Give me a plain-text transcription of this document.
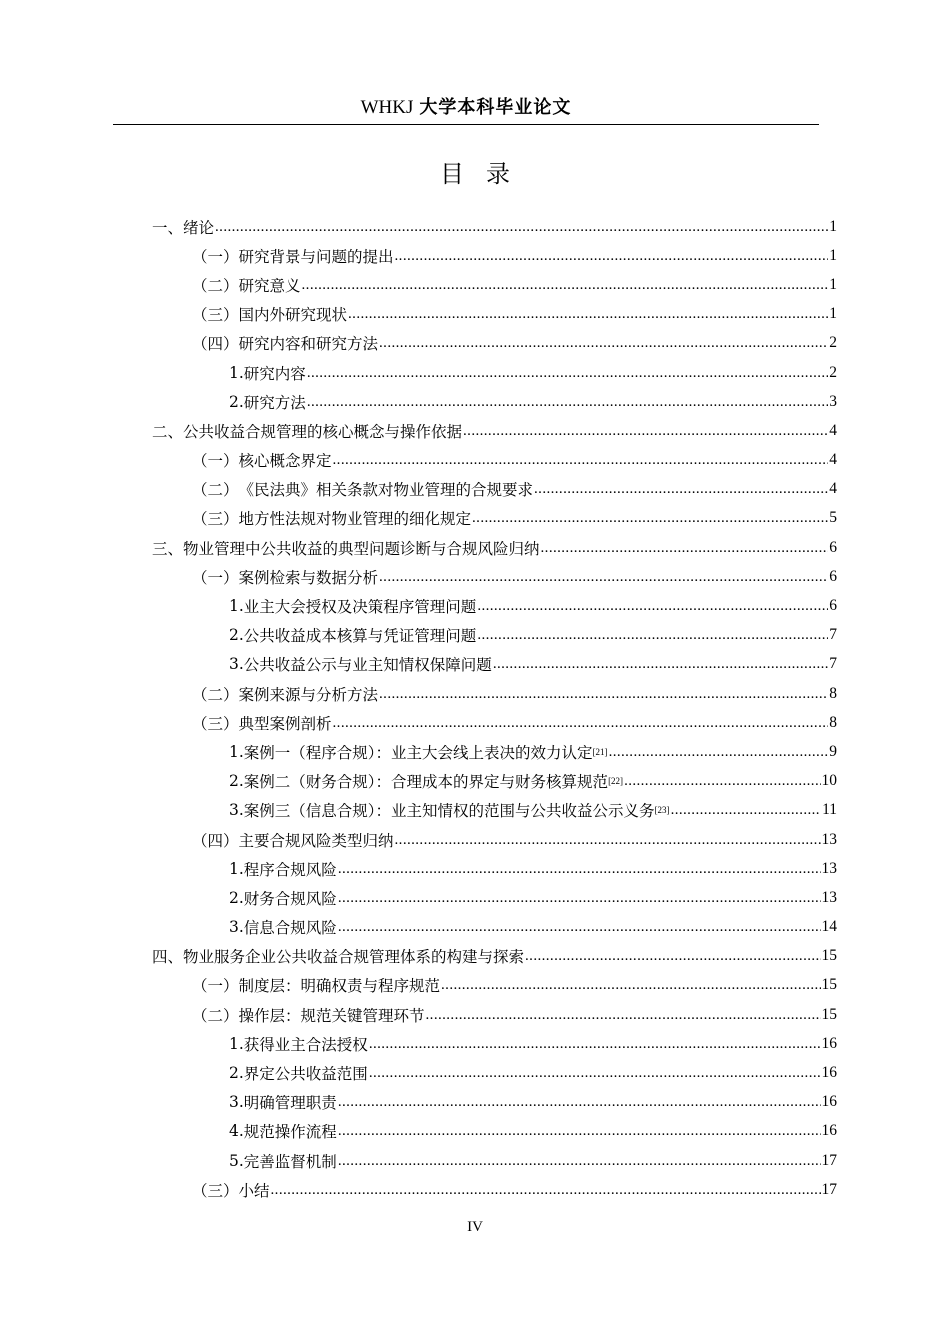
WHKJ 大学本科毕业论文
目录
一、 绪论 .....	1
（一） 研究背景与问题的提出 .....	1
（二） 研究意义 .....	1
（三） 国内外研究现状 .....	1
（四） 研究内容和研究方法 .....	2
1. 研究内容 .....	2
2. 研究方法 .....	3
二、 公共收益合规管理的核心概念与操作依据 .....	4
（一） 核心概念界定 .....	4
（二） 《民法典》相关条款对物业管理的合规要求 .....	4
（三） 地方性法规对物业管理的细化规定 .....	5
三、 物业管理中公共收益的典型问题诊断与合规风险归纳 .....	6
（一） 案例检索与数据分析 .....	6
1. 业主大会授权及决策程序管理问题 .....	6
2. 公共收益成本核算与凭证管理问题 .....	7
3. 公共收益公示与业主知情权保障问题 .....	7
（二） 案例来源与分析方法 .....	8
（三） 典型案例剖析 .....	8
1. 案例一（程序合规）：业主大会线上表决的效力认定 [21] .....	9
2. 案例二（财务合规）：合理成本的界定与财务核算规范 [22] .....	10
3. 案例三（信息合规）：业主知情权的范围与公共收益公示义务 [23] .....	11
（四） 主要合规风险类型归纳 .....	13
1. 程序合规风险 .....	13
2. 财务合规风险 .....	13
3. 信息合规风险 .....	14
四、 物业服务企业公共收益合规管理体系的构建与探索 .....	15
（一） 制度层：明确权责与程序规范 .....	15
（二） 操作层：规范关键管理环节 .....	15
1. 获得业主合法授权 .....	16
2. 界定公共收益范围 .....	16
3. 明确管理职责 .....	16
4. 规范操作流程 .....	16
5. 完善监督机制 .....	17
（三） 小结 .....	17
IV
